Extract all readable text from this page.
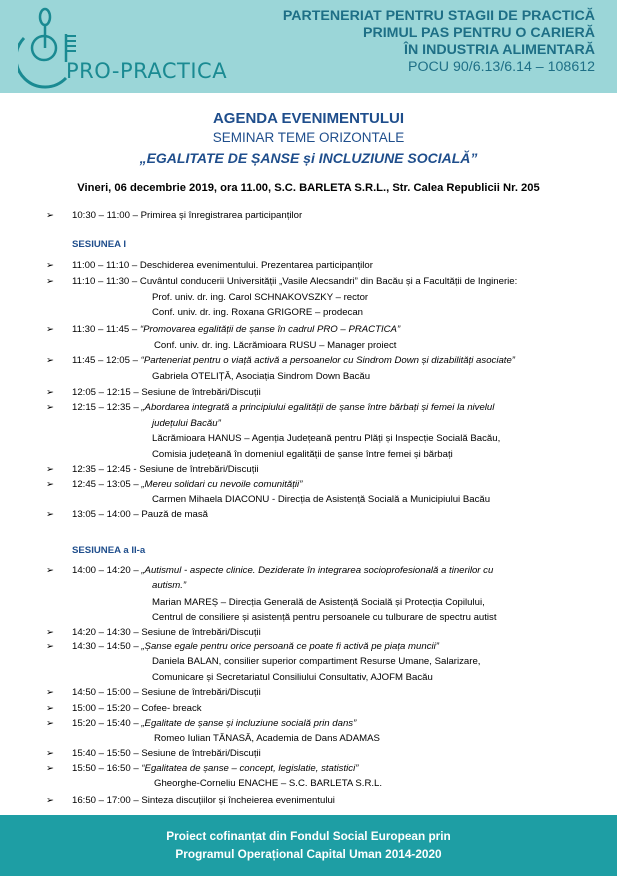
PRO-PRACTICA
PARTENERIAT PENTRU STAGII DE PRACTICĂ
PRIMUL PAS PENTRU O CARIERĂ
ÎN INDUSTRIA ALIMENTARĂ
POCU 90/6.13/6.14 – 108612
AGENDA EVENIMENTULUI
SEMINAR TEME ORIZONTALE
„EGALITATE DE ȘANSE și INCLUZIUNE SOCIALĂ”
Vineri, 06 decembrie 2019, ora 11.00, S.C. BARLETA S.R.L., Str. Calea Republicii Nr. 205
➢ 10:30 – 11:00 – Primirea și înregistrarea participanților
SESIUNEA I
➢ 11:00 – 11:10 – Deschiderea evenimentului. Prezentarea participanților
➢ 11:10 – 11:30 – Cuvântul conducerii Universității „Vasile Alecsandri” din Bacău și a Facultății de Inginerie:
Prof. univ. dr. ing. Carol SCHNAKOVSZKY – rector
Conf. univ. dr. ing. Roxana GRIGORE – prodecan
➢ 11:30 – 11:45 – “Promovarea egalității de șanse în cadrul PRO – PRACTICA”
Conf. univ. dr. ing. Lăcrămioara RUSU – Manager proiect
➢ 11:45 – 12:05 – “Parteneriat pentru o viață activă a persoanelor cu Sindrom Down și dizabilități asociate”
Gabriela OTELIȚĂ, Asociația Sindrom Down Bacău
➢ 12:05 – 12:15 – Sesiune de întrebări/Discuții
➢ 12:15 – 12:35 – „Abordarea integrată a principiului egalității de șanse între bărbați și femei la nivelul
județului Bacău”
Lăcrămioara HANUS – Agenția Județeană pentru Plăți și Inspecție Socială Bacău,
Comisia județeană în domeniul egalității de șanse între femei și bărbați
➢ 12:35 – 12:45 - Sesiune de întrebări/Discuții
➢ 12:45 – 13:05 – „Mereu solidari cu nevoile comunității”
Carmen Mihaela DIACONU - Direcția de Asistență Socială a Municipiului Bacău
➢ 13:05 – 14:00 – Pauză de masă
SESIUNEA a II-a
➢ 14:00 – 14:20 – „Autismul - aspecte clinice. Deziderate în integrarea socioprofesională a tinerilor cu
autism.”
Marian MAREȘ – Direcția Generală de Asistență Socială și Protecția Copilului,
Centrul de consiliere și asistență pentru persoanele cu tulburare de spectru autist
➢ 14:20 – 14:30 – Sesiune de întrebări/Discuții
➢ 14:30 – 14:50 – „Șanse egale pentru orice persoană ce poate fi activă pe piața muncii”
Daniela BALAN, consilier superior compartiment Resurse Umane, Salarizare,
Comunicare și Secretariatul Consiliului Consultativ, AJOFM Bacău
➢ 14:50 – 15:00 – Sesiune de întrebări/Discuții
➢ 15:00 – 15:20 – Cofee- breack
➢ 15:20 – 15:40 – „Egalitate de șanse și incluziune socială prin dans”
Romeo Iulian TĂNASĂ, Academia de Dans ADAMAS
➢ 15:40 – 15:50 – Sesiune de întrebări/Discuții
➢ 15:50 – 16:50 – “Egalitatea de șanse – concept, legislatie, statistici”
Gheorghe-Corneliu ENACHE – S.C. BARLETA S.R.L.
➢ 16:50 – 17:00 – Sinteza discuțiilor și încheierea evenimentului
Proiect cofinanțat din Fondul Social European prin
Programul Operațional Capital Uman 2014-2020
